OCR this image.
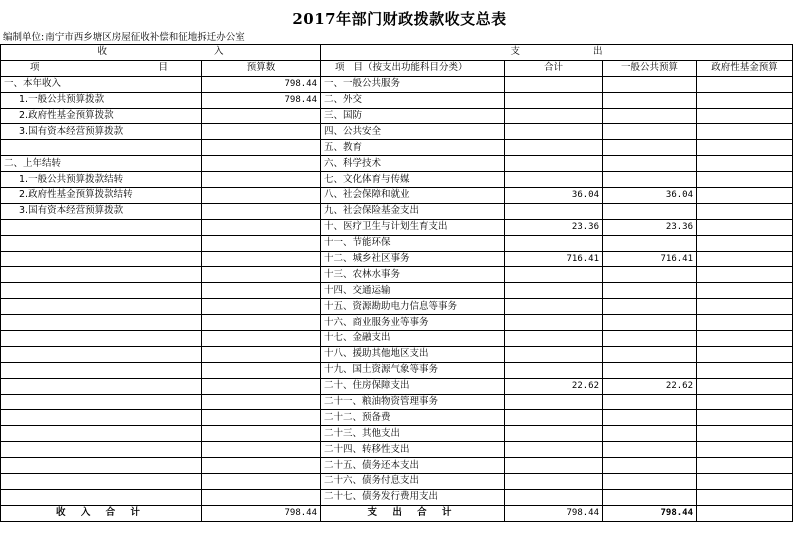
2017年部门财政拨款收支总表
编制单位:南宁市西乡塘区房屋征收补偿和征地拆迁办公室
收 入		支 出			

项 目	预算数	项   目（按支出功能科目分类）	合计	一般公共预算	政府性基金预算
一、本年收入	798.44	一、一般公共服务			
1.一般公共预算拨款	798.44	二、外交			
2.政府性基金预算拨款		三、国防			
3.国有资本经营预算拨款		四、公共安全			
		五、教育			
二、上年结转		六、科学技术			
1.一般公共预算拨款结转		七、文化体育与传媒			
2.政府性基金预算拨款结转		八、社会保障和就业	36.04	36.04	
3.国有资本经营预算拨款		九、社会保险基金支出			
		十、医疗卫生与计划生育支出	23.36	23.36	
		十一、节能环保			
		十二、城乡社区事务	716.41	716.41	
		十三、农林水事务			
		十四、交通运输			
		十五、资源勘助电力信息等事务			
		十六、商业服务业等事务			
		十七、金融支出			
		十八、援助其他地区支出			
		十九、国土资源气象等事务			
		二十、住房保障支出	22.62	22.62	
		二十一、粮油物资管理事务			
		二十二、预备费			
		二十三、其他支出			
		二十四、转移性支出			
		二十五、债务还本支出			
		二十六、债务付息支出			
		二十七、债务发行费用支出			
收 入 合 计	798.44	支 出 合 计	798.44	798.44	
